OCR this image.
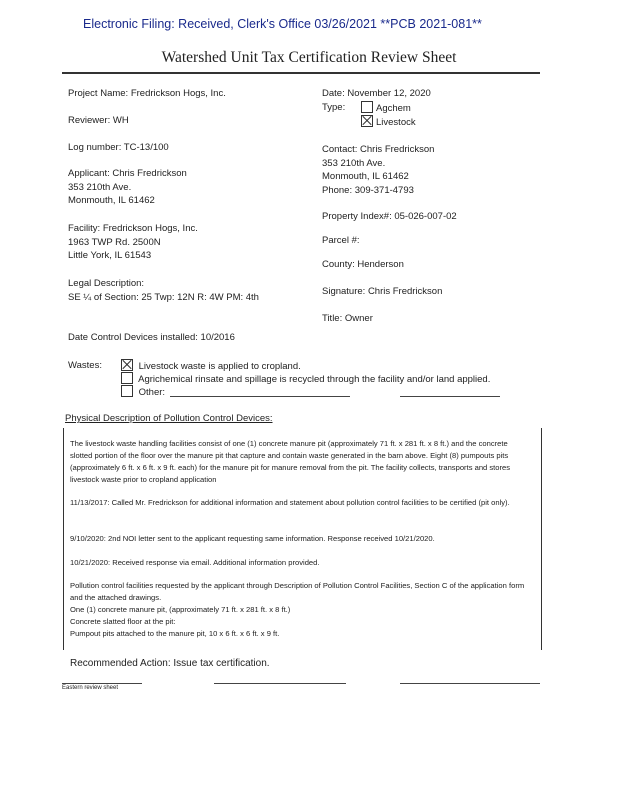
Electronic Filing: Received, Clerk's Office 03/26/2021 **PCB 2021-081**
Watershed Unit Tax Certification Review Sheet
Project Name: Fredrickson Hogs, Inc.
Reviewer: WH
Log number: TC-13/100
Applicant: Chris Fredrickson
353 210th Ave.
Monmouth, IL 61462
Facility: Fredrickson Hogs, Inc.
1963 TWP Rd. 2500N
Little York, IL 61543
Legal Description:
SE ¼ of Section: 25 Twp: 12N R: 4W PM: 4th
Date Control Devices installed: 10/2016
Date: November 12, 2020
Type:	Agchem
Livestock
Contact: Chris Fredrickson
353 210th Ave.
Monmouth, IL 61462
Phone: 309-371-4793
Property Index#: 05-026-007-02
Parcel #:
County: Henderson
Signature: Chris Fredrickson
Title: Owner
Wastes:	Livestock waste is applied to cropland.
Agrichemical rinsate and spillage is recycled through the facility and/or land applied.
Other:
Physical Description of Pollution Control Devices:
The livestock waste handling facilities consist of one (1) concrete manure pit (approximately 71 ft. x 281 ft. x 8 ft.) and the concrete slotted portion of the floor over the manure pit that capture and contain waste generated in the barn above. Eight (8) pumpouts pits (approximately 6 ft. x 6 ft. x 9 ft. each) for the manure pit for manure removal from the pit. The facility collects, transports and stores livestock waste prior to cropland application
11/13/2017: Called Mr. Fredrickson for additional information and statement about pollution control facilities to be certified (pit only).
9/10/2020: 2nd NOI letter sent to the applicant requesting same information. Response received 10/21/2020.
10/21/2020: Received response via email. Additional information provided.
Pollution control facilities requested by the applicant through Description of Pollution Control Facilities, Section C of the application form and the attached drawings.
One (1) concrete manure pit, (approximately 71 ft. x 281 ft. x 8 ft.)
Concrete slatted floor at the pit:
Pumpout pits attached to the manure pit, 10 x 6 ft. x 6 ft. x 9 ft.
Recommended Action: Issue tax certification.
Eastern review sheet
